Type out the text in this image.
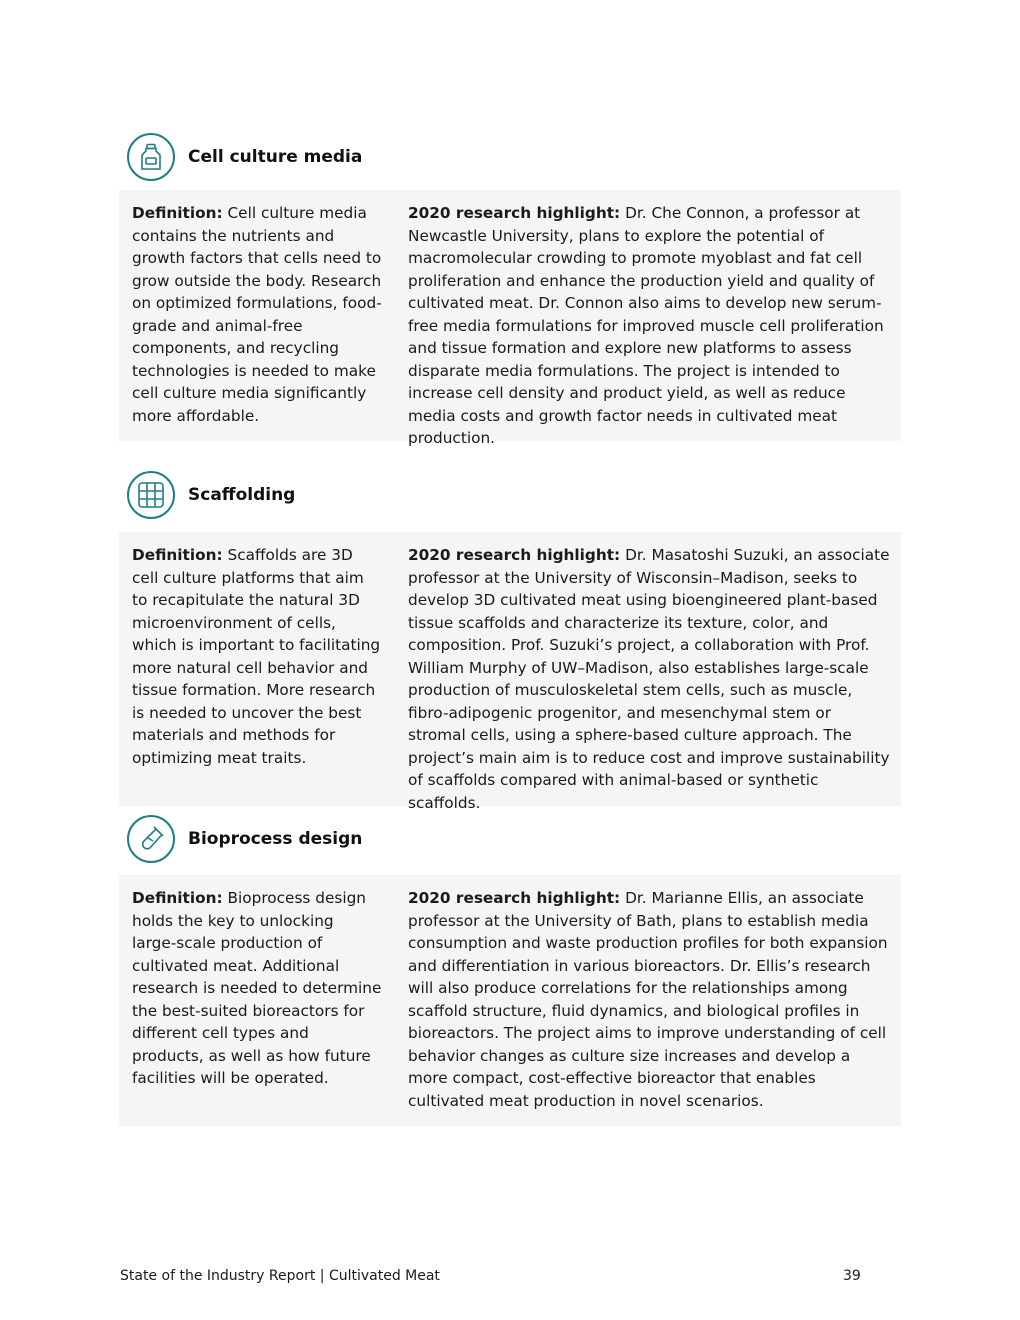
Cell culture media
Definition: Cell culture media contains the nutrients and growth factors that cells need to grow outside the body. Research on optimized formulations, food-grade and animal-free components, and recycling technologies is needed to make cell culture media significantly more affordable.
2020 research highlight: Dr. Che Connon, a professor at Newcastle University, plans to explore the potential of macromolecular crowding to promote myoblast and fat cell proliferation and enhance the production yield and quality of cultivated meat. Dr. Connon also aims to develop new serum-free media formulations for improved muscle cell proliferation and tissue formation and explore new platforms to assess disparate media formulations. The project is intended to increase cell density and product yield, as well as reduce media costs and growth factor needs in cultivated meat production.
Scaffolding
Definition: Scaffolds are 3D cell culture platforms that aim to recapitulate the natural 3D microenvironment of cells, which is important to facilitating more natural cell behavior and tissue formation. More research is needed to uncover the best materials and methods for optimizing meat traits.
2020 research highlight: Dr. Masatoshi Suzuki, an associate professor at the University of Wisconsin–Madison, seeks to develop 3D cultivated meat using bioengineered plant-based tissue scaffolds and characterize its texture, color, and composition. Prof. Suzuki’s project, a collaboration with Prof. William Murphy of UW–Madison, also establishes large-scale production of musculoskeletal stem cells, such as muscle, fibro-adipogenic progenitor, and mesenchymal stem or stromal cells, using a sphere-based culture approach. The project’s main aim is to reduce cost and improve sustainability of scaffolds compared with animal-based or synthetic scaffolds.
Bioprocess design
Definition: Bioprocess design holds the key to unlocking large-scale production of cultivated meat. Additional research is needed to determine the best-suited bioreactors for different cell types and products, as well as how future facilities will be operated.
2020 research highlight: Dr. Marianne Ellis, an associate professor at the University of Bath, plans to establish media consumption and waste production profiles for both expansion and differentiation in various bioreactors. Dr. Ellis’s research will also produce correlations for the relationships among scaffold structure, fluid dynamics, and biological profiles in bioreactors. The project aims to improve understanding of cell behavior changes as culture size increases and develop a more compact, cost-effective bioreactor that enables cultivated meat production in novel scenarios.
State of the Industry Report | Cultivated Meat	39
